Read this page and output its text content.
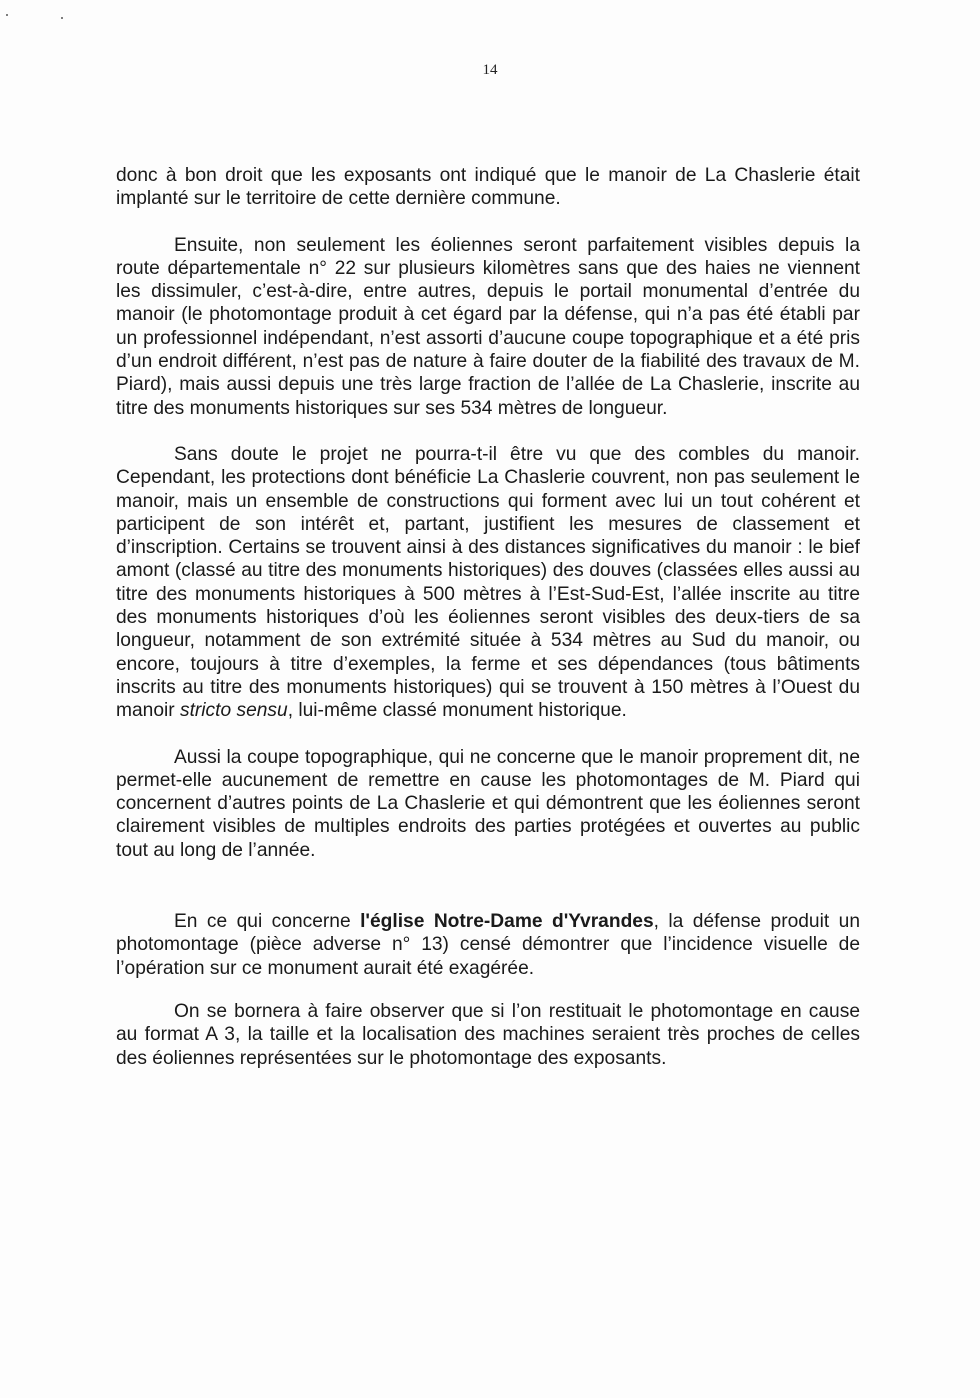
14

donc à bon droit que les exposants ont indiqué que le manoir de La Chaslerie était implanté sur le territoire de cette dernière commune.

Ensuite, non seulement les éoliennes seront parfaitement visibles depuis la route départementale n° 22 sur plusieurs kilomètres sans que des haies ne viennent les dissimuler, c’est-à-dire, entre autres, depuis le portail monumental d’entrée du manoir (le photomontage produit à cet égard par la défense, qui n’a pas été établi par un professionnel indépendant, n’est assorti d’aucune coupe topographique et a été pris d’un endroit différent, n’est pas de nature à faire douter de la fiabilité des travaux de M. Piard), mais aussi depuis une très large fraction de l’allée de La Chaslerie, inscrite au titre des monuments historiques sur ses 534 mètres de longueur.

Sans doute le projet ne pourra-t-il être vu que des combles du manoir. Cependant, les protections dont bénéficie La Chaslerie couvrent, non pas seulement le manoir, mais un ensemble de constructions qui forment avec lui un tout cohérent et participent de son intérêt et, partant, justifient les mesures de classement et d’inscription. Certains se trouvent ainsi à des distances significatives du manoir : le bief amont (classé au titre des monuments historiques) des douves (classées elles aussi au titre des monuments historiques à 500 mètres à l’Est-Sud-Est, l’allée inscrite au titre des monuments historiques d’où les éoliennes seront visibles des deux-tiers de sa longueur, notamment de son extrémité située à 534 mètres au Sud du manoir, ou encore, toujours à titre d’exemples, la ferme et ses dépendances (tous bâtiments inscrits au titre des monuments historiques) qui se trouvent à 150 mètres à l’Ouest du manoir stricto sensu, lui-même classé monument historique.

Aussi la coupe topographique, qui ne concerne que le manoir proprement dit, ne permet-elle aucunement de remettre en cause les photomontages de M. Piard qui concernent d’autres points de La Chaslerie et qui démontrent que les éoliennes seront clairement visibles de multiples endroits des parties protégées et ouvertes au public tout au long de l’année.

En ce qui concerne l'église Notre-Dame d'Yvrandes, la défense produit un photomontage (pièce adverse n° 13) censé démontrer que l’incidence visuelle de l’opération sur ce monument aurait été exagérée.

On se bornera à faire observer que si l’on restituait le photomontage en cause au format A 3, la taille et la localisation des machines seraient très proches de celles des éoliennes représentées sur le photomontage des exposants.
